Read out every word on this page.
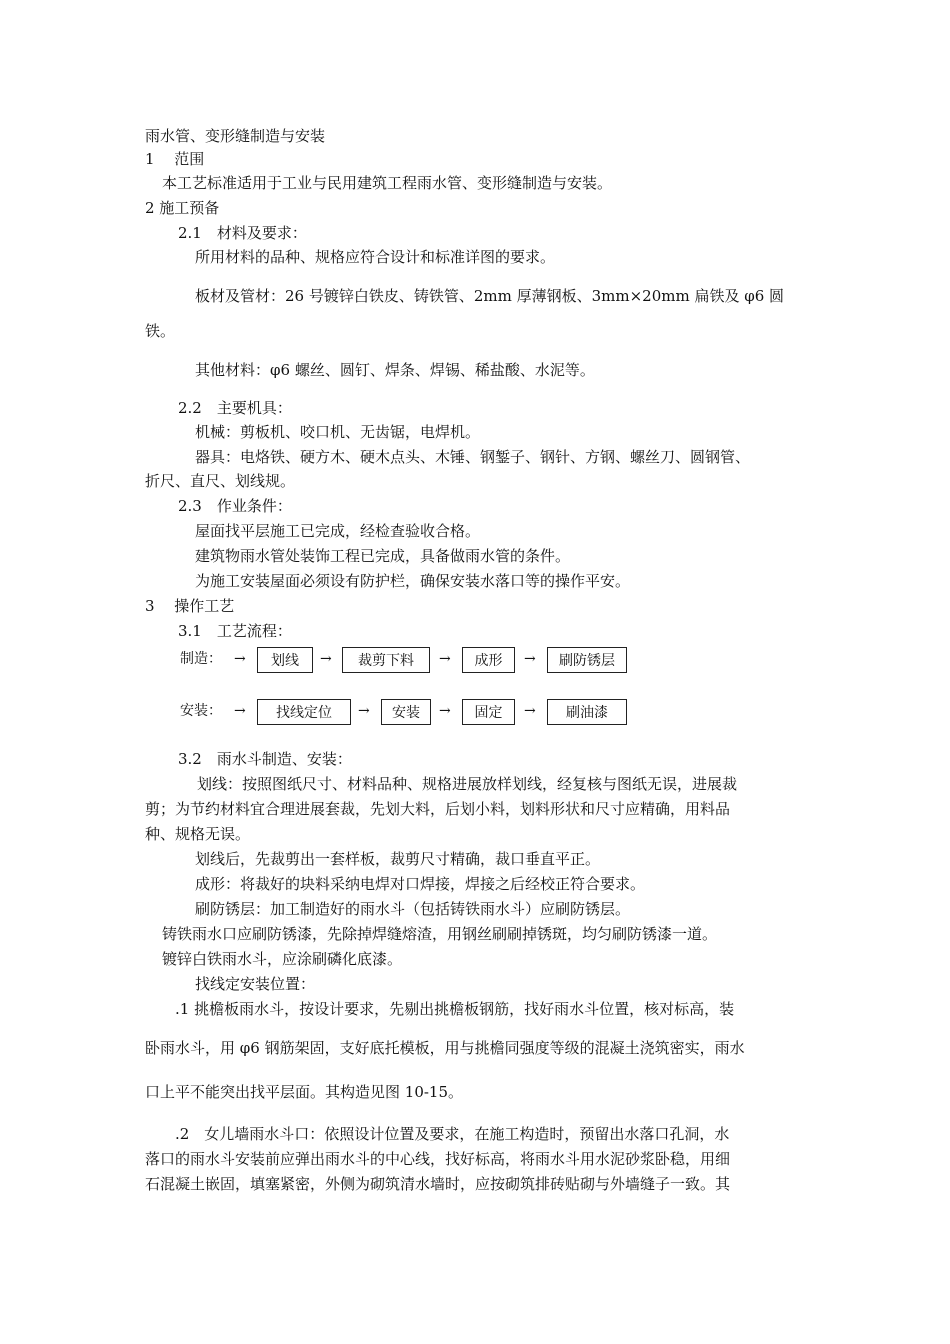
雨水管、变形缝制造与安装
1　 范围
本工艺标准适用于工业与民用建筑工程雨水管、变形缝制造与安装。
2 施工预备
2.1　材料及要求：
所用材料的品种、规格应符合设计和标准详图的要求。
板材及管材：26 号镀锌白铁皮、铸铁管、2mm 厚薄钢板、3mm×20mm 扁铁及 φ6 圆
铁。
其他材料：φ6 螺丝、圆钉、焊条、焊锡、稀盐酸、水泥等。
2.2　主要机具：
机械：剪板机、咬口机、无齿锯，电焊机。
器具：电烙铁、硬方木、硬木点头、木锤、钢錾子、钢针、方钢、螺丝刀、圆钢管、
折尺、直尺、划线规。
2.3　作业条件：
屋面找平层施工已完成，经检查验收合格。
建筑物雨水管处装饰工程已完成，具备做雨水管的条件。
为施工安装屋面必须设有防护栏，确保安装水落口等的操作平安。
3　 操作工艺
3.1　工艺流程：
制造： →	划线	→	裁剪下料	→	成形	→	刷防锈层
安装： →	找线定位	→	安装	→	固定	→	刷油漆
3.2　雨水斗制造、安装：
划线：按照图纸尺寸、材料品种、规格进展放样划线，经复核与图纸无误，进展裁
剪；为节约材料宜合理进展套裁，先划大料，后划小料，划料形状和尺寸应精确，用料品
种、规格无误。
划线后，先裁剪出一套样板，裁剪尺寸精确，裁口垂直平正。
成形：将裁好的块料采纳电焊对口焊接，焊接之后经校正符合要求。
刷防锈层：加工制造好的雨水斗（包括铸铁雨水斗）应刷防锈层。
铸铁雨水口应刷防锈漆，先除掉焊缝熔渣，用钢丝刷刷掉锈斑，均匀刷防锈漆一道。
镀锌白铁雨水斗，应涂刷磷化底漆。
找线定安装位置：
.1 挑檐板雨水斗，按设计要求，先剔出挑檐板钢筋，找好雨水斗位置，核对标高，装
卧雨水斗，用 φ6 钢筋架固，支好底托模板，用与挑檐同强度等级的混凝土浇筑密实，雨水
口上平不能突出找平层面。其构造见图 10-15。
.2　女儿墙雨水斗口：依照设计位置及要求，在施工构造时，预留出水落口孔洞，水
落口的雨水斗安装前应弹出雨水斗的中心线，找好标高，将雨水斗用水泥砂浆卧稳，用细
石混凝土嵌固，填塞紧密，外侧为砌筑清水墙时，应按砌筑排砖贴砌与外墙缝子一致。其
